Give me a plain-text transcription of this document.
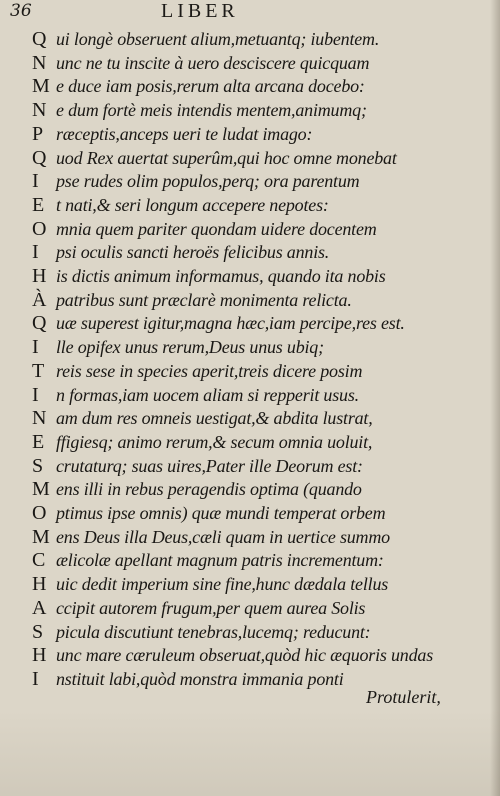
36	LIBER
Q ui longè obseruent alium,metuantq; iubentem.
N unc ne tu inscite à uero desciscere quicquam
M e duce iam posis,rerum alta arcana docebo:
N e dum fortè meis intendis mentem,animumq;
P ræceptis,anceps ueri te ludat imago:
Q uod Rex auertat superûm,qui hoc omne monebat
I pse rudes olim populos,perq; ora parentum
E t nati,& seri longum accepere nepotes:
O mnia quem pariter quondam uidere docentem
I psi oculis sancti heroës felicibus annis.
H is dictis animum informamus, quando ita nobis
À patribus sunt præclarè monimenta relicta.
Q uæ superest igitur,magna hæc,iam percipe,res est.
I lle opifex unus rerum,Deus unus ubiq;
T reis sese in species aperit,treis dicere posim
I n formas,iam uocem aliam si repperit usus.
N am dum res omneis uestigat,& abdita lustrat,
E ffigiesq; animo rerum,& secum omnia uoluit,
S crutaturq; suas uires,Pater ille Deorum est:
M ens illi in rebus peragendis optima (quando
O ptimus ipse omnis) quæ mundi temperat orbem
M ens Deus illa Deus,cæli quam in uertice summo
C ælicolæ apellant magnum patris incrementum:
H uic dedit imperium sine fine,hunc dædala tellus
A ccipit autorem frugum,per quem aurea Solis
S picula discutiunt tenebras,lucemq; reducunt:
H unc mare cæruleum obseruat,quòd hic æquoris undas
I nstituit labi,quòd monstra immania ponti
Protulerit,
